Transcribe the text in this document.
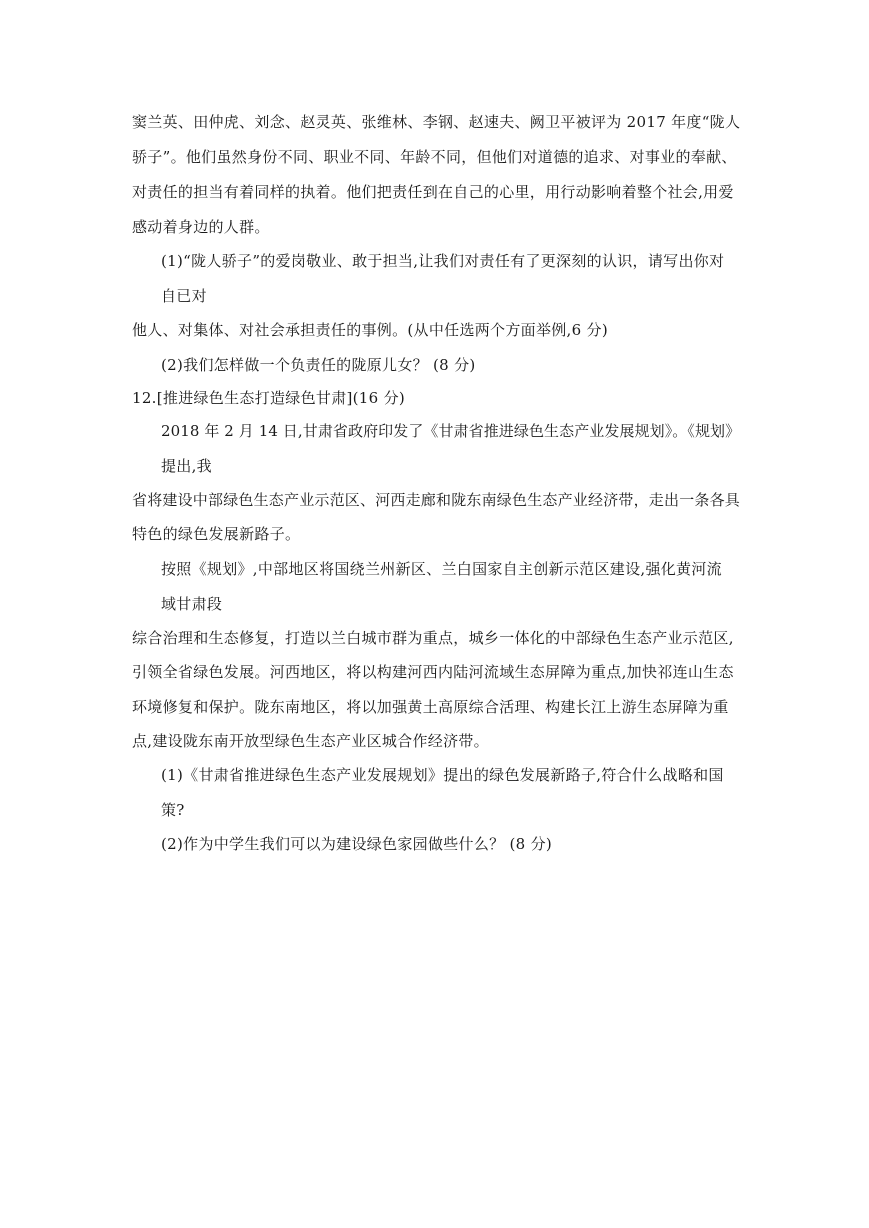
窦兰英、田仲虎、刘念、赵灵英、张维林、李钢、赵速夫、阙卫平被评为 2017 年度“陇人
骄子”。他们虽然身份不同、职业不同、年龄不同，但他们对道德的追求、对事业的奉献、
对责任的担当有着同样的执着。他们把责任到在自己的心里，用行动影响着整个社会,用爱
感动着身边的人群。
(1)“陇人骄子”的爱岗敬业、敢于担当,让我们对责任有了更深刻的认识，请写出你对
自已对
他人、对集体、对社会承担责任的事例。(从中任选两个方面举例,6 分)
(2)我们怎样做一个负责任的陇原儿女？ (8 分)
12.[推进绿色生态打造绿色甘肃](16 分)
2018 年 2 月 14 日,甘肃省政府印发了《甘肃省推进绿色生态产业发展规划》。《规划》
提出,我
省将建设中部绿色生态产业示范区、河西走廊和陇东南绿色生态产业经济带，走出一条各具
特色的绿色发展新路子。
按照《规划》,中部地区将国绕兰州新区、兰白国家自主创新示范区建设,强化黄河流
域甘肃段
综合治理和生态修复，打造以兰白城市群为重点，城乡一体化的中部绿色生态产业示范区,
引领全省绿色发展。河西地区，将以构建河西内陆河流域生态屏障为重点,加快祁连山生态
环境修复和保护。陇东南地区，将以加强黄土高原综合活理、构建长江上游生态屏障为重
点,建设陇东南开放型绿色生态产业区城合作经济带。
(1)《甘肃省推进绿色生态产业发展规划》提出的绿色发展新路子,符合什么战略和国
策?
(2)作为中学生我们可以为建设绿色家园做些什么？ (8 分)
